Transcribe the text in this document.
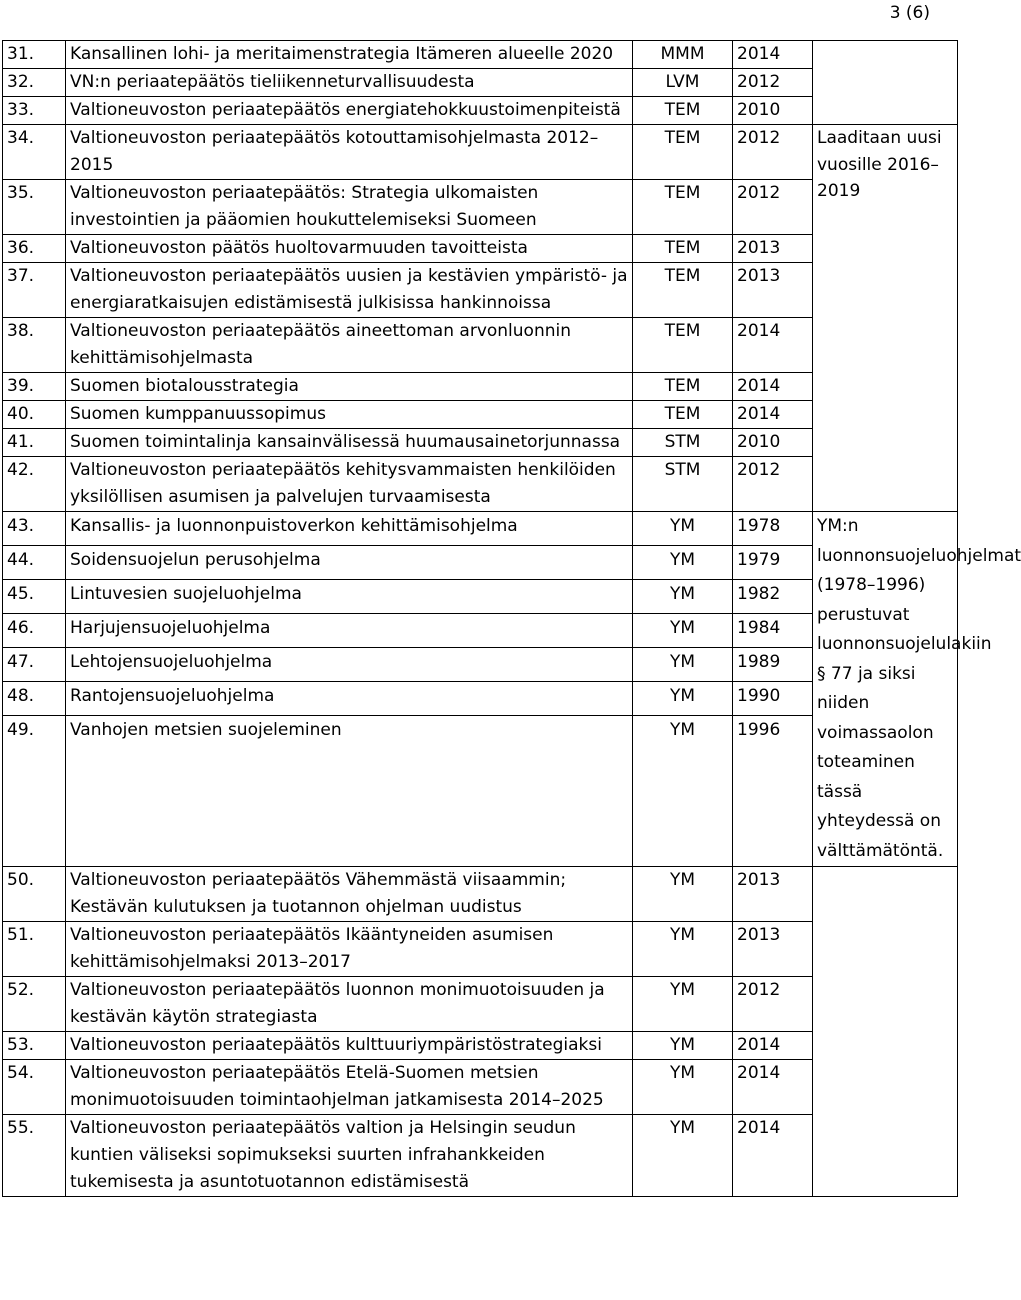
3 (6)
31.	Kansallinen lohi- ja meritaimenstrategia Itämeren alueelle 2020	MMM	2014	
32.	VN:n periaatepäätös tieliikenneturvallisuudesta	LVM	2012	
33.	Valtioneuvoston periaatepäätös energiatehokkuustoimenpiteistä	TEM	2010	
34.	Valtioneuvoston periaatepäätös kotouttamisohjelmasta 2012–2015	TEM	2012	Laaditaan uusi vuosille 2016–2019
35.	Valtioneuvoston periaatepäätös: Strategia ulkomaisten investointien ja pääomien houkuttelemiseksi Suomeen	TEM	2012	
36.	Valtioneuvoston päätös huoltovarmuuden tavoitteista	TEM	2013	
37.	Valtioneuvoston periaatepäätös uusien ja kestävien ympäristö- ja energiaratkaisujen edistämisestä julkisissa hankinnoissa	TEM	2013	
38.	Valtioneuvoston periaatepäätös aineettoman arvonluonnin kehittämisohjelmasta	TEM	2014	
39.	Suomen biotalousstrategia	TEM	2014	
40.	Suomen kumppanuussopimus	TEM	2014	
41.	Suomen toimintalinja kansainvälisessä huumausainetorjunnassa	STM	2010	
42.	Valtioneuvoston periaatepäätös kehitysvammaisten henkilöiden yksilöllisen asumisen ja palvelujen turvaamisesta	STM	2012	
43.	Kansallis- ja luonnonpuistoverkon kehittämisohjelma	YM	1978	YM:n luonnonsuojeluohjelmat (1978–1996) perustuvat luonnonsuojelulakiin § 77 ja siksi niiden voimassaolon toteaminen tässä yhteydessä on välttämätöntä.
44.	Soidensuojelun perusohjelma	YM	1979	
45.	Lintuvesien suojeluohjelma	YM	1982	
46.	Harjujensuojeluohjelma	YM	1984	
47.	Lehtojensuojeluohjelma	YM	1989	
48.	Rantojensuojeluohjelma	YM	1990	
49.	Vanhojen metsien suojeleminen	YM	1996	
50.	Valtioneuvoston periaatepäätös Vähemmästä viisaammin; Kestävän kulutuksen ja tuotannon ohjelman uudistus	YM	2013	
51.	Valtioneuvoston periaatepäätös Ikääntyneiden asumisen kehittämisohjelmaksi 2013–2017	YM	2013	
52.	Valtioneuvoston periaatepäätös luonnon monimuotoisuuden ja kestävän käytön strategiasta	YM	2012	
53.	Valtioneuvoston periaatepäätös kulttuuriympäristöstrategiaksi	YM	2014	
54.	Valtioneuvoston periaatepäätös Etelä-Suomen metsien monimuotoisuuden toimintaohjelman jatkamisesta 2014–2025	YM	2014	
55.	Valtioneuvoston periaatepäätös valtion ja Helsingin seudun kuntien väliseksi sopimukseksi suurten infrahankkeiden tukemisesta ja asuntotuotannon edistämisestä	YM	2014	
